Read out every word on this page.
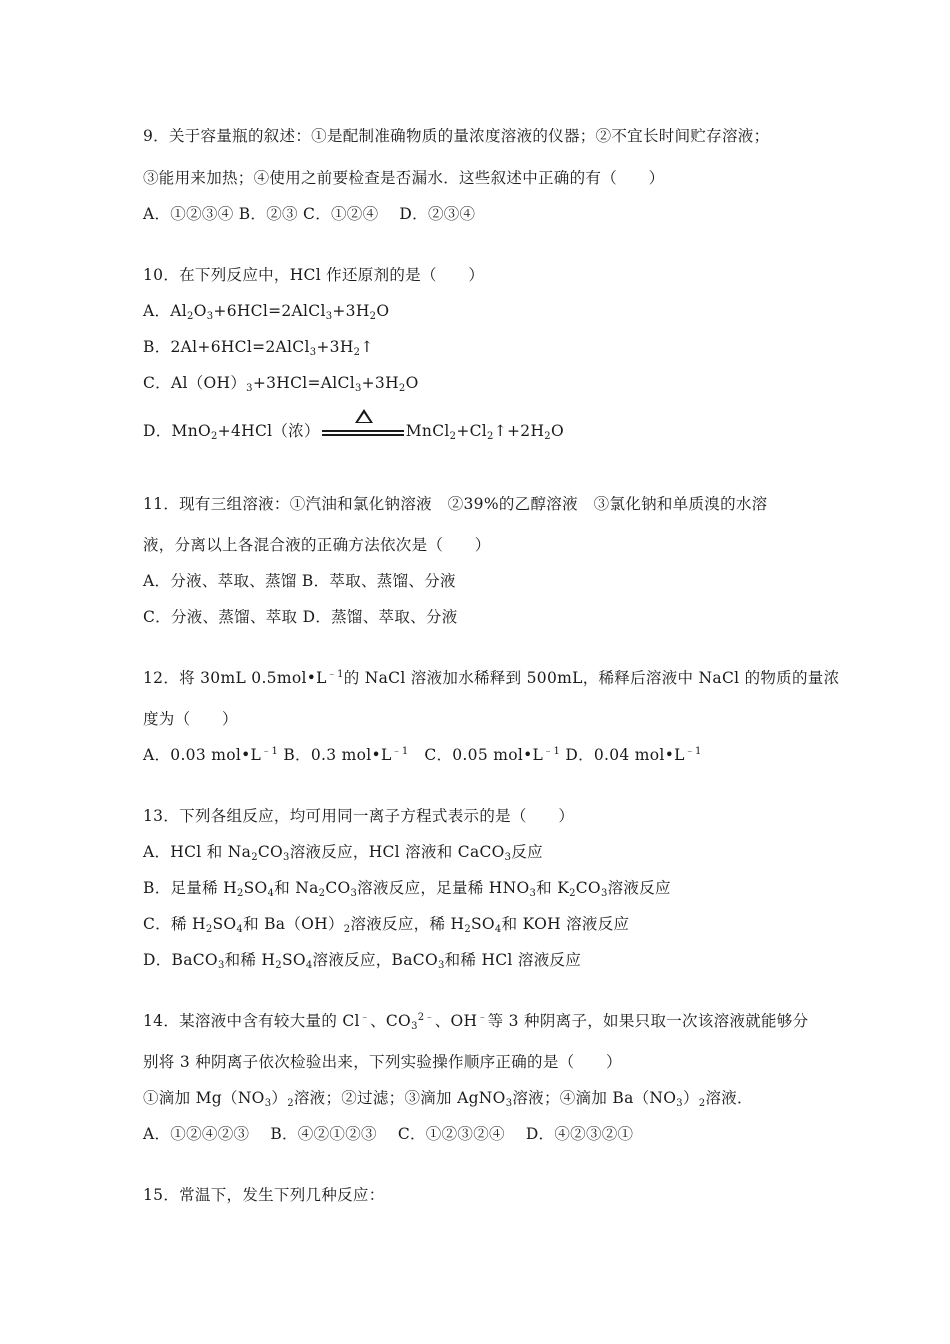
9．关于容量瓶的叙述：①是配制准确物质的量浓度溶液的仪器；②不宜长时间贮存溶液；
③能用来加热；④使用之前要检查是否漏水．这些叙述中正确的有（　　）
A．①②③④ B．②③ C．①②④　 D．②③④
10．在下列反应中，HCl 作还原剂的是（　　）
A．$Al_2O_3+6HCl=2AlCl_3+3H_2O$
B．$2Al+6HCl=2AlCl_3+3H_2↑$
C．$Al(OH)_3+3HCl=AlCl_3+3H_2O$
D．MnO$_2$+4HCl（浓）	$MnCl_2+Cl_2↑+2H_2O$
11．现有三组溶液：①汽油和氯化钠溶液　②39%的乙醇溶液　③氯化钠和单质溴的水溶
液，分离以上各混合液的正确方法依次是（　　）
A．分液、萃取、蒸馏 B．萃取、蒸馏、分液
C．分液、蒸馏、萃取 D．蒸馏、萃取、分液
12．将 30mL $0.5mol•L^{﹣1}$的 NaCl 溶液加水稀释到 500mL，稀释后溶液中 NaCl 的物质的量浓
度为（　　）
A．0.03 $mol•L^{﹣1}$ B．0.3 $mol•L^{﹣1}$　C．0.05 $mol•L^{﹣1}$ D．0.04 $mol•L^{﹣1}$
13．下列各组反应，均可用同一离子方程式表示的是（　　）
A．HCl 和 $Na_2CO_3$溶液反应，HCl 溶液和 CaCO$_3$反应
B．足量稀 $H_2SO_4$和 $Na_2CO_3$溶液反应，足量稀 $HNO_3$和 $K_2CO_3$溶液反应
C．稀 $H_2SO_4$和 $Ba(OH)_2$溶液反应，稀 $H_2SO_4$和 KOH 溶液反应
D．BaCO$_3$和稀 $H_2SO_4$溶液反应，BaCO$_3$和稀 HCl 溶液反应
14．某溶液中含有较大量的 Cl﹣、$CO_3^{2﹣}$、OH﹣等 3 种阴离子，如果只取一次该溶液就能够分
别将 3 种阴离子依次检验出来，下列实验操作顺序正确的是（　　）
①滴加 $Mg(NO_3)_2$溶液；②过滤；③滴加 AgNO$_3$溶液；④滴加 $Ba(NO_3)_2$溶液．
A．①②④②③　 B．④②①②③　 C．①②③②④　 D．④②③②①
15．常温下，发生下列几种反应：
